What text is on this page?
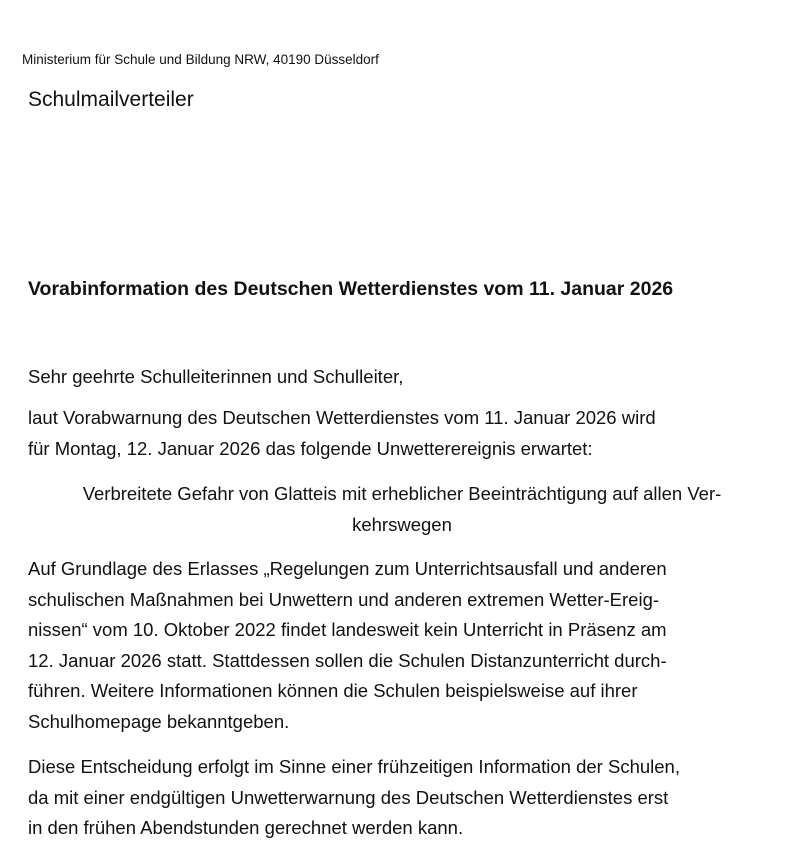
Ministerium für Schule und Bildung NRW, 40190 Düsseldorf
Schulmailverteiler
Vorabinformation des Deutschen Wetterdienstes vom 11. Januar 2026

Sehr geehrte Schulleiterinnen und Schulleiter,

laut Vorabwarnung des Deutschen Wetterdienstes vom 11. Januar 2026 wird
für Montag, 12. Januar 2026 das folgende Unwetterereignis erwartet:
Verbreitete Gefahr von Glatteis mit erheblicher Beeinträchtigung auf allen Ver-
kehrswegen
Auf Grundlage des Erlasses „Regelungen zum Unterrichtsausfall und anderen
schulischen Maßnahmen bei Unwettern und anderen extremen Wetter-Ereig-
nissen“ vom 10. Oktober 2022 findet landesweit kein Unterricht in Präsenz am
12. Januar 2026 statt. Stattdessen sollen die Schulen Distanzunterricht durch-
führen. Weitere Informationen können die Schulen beispielsweise auf ihrer
Schulhomepage bekanntgeben.
Diese Entscheidung erfolgt im Sinne einer frühzeitigen Information der Schulen,
da mit einer endgültigen Unwetterwarnung des Deutschen Wetterdienstes erst
in den frühen Abendstunden gerechnet werden kann.
